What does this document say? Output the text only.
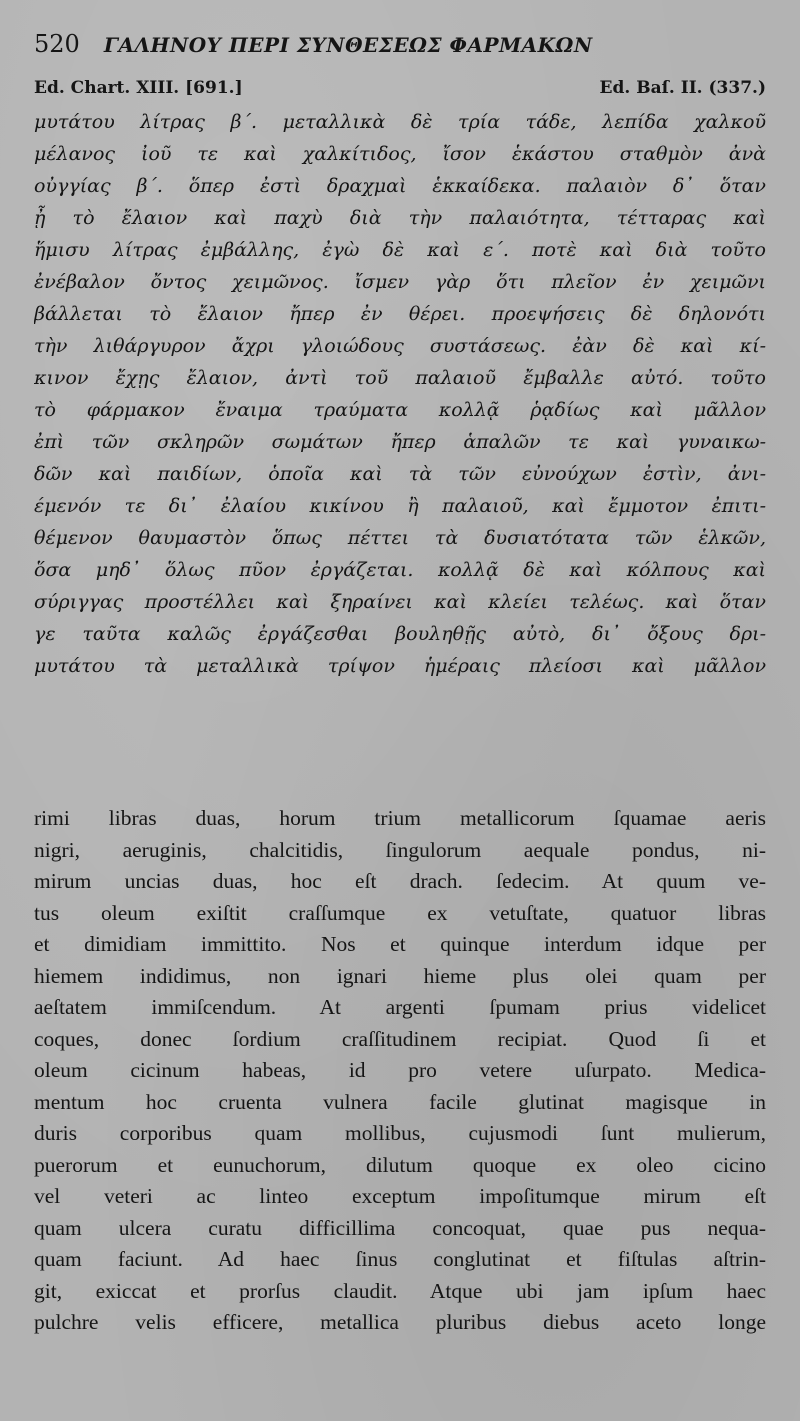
520 ΓΑΛΗΝΟΥ ΠΕΡΙ ΣΥΝΘΕΣΕΩΣ ΦΑΡΜΑΚΩΝ
Ed. Chart. XIII. [691.]	Ed. Baſ. II. (337.)
μυτάτου λίτρας β΄. μεταλλικὰ δὲ τρία τάδε, λεπίδα χαλκοῦ
μέλανος ἰοῦ τε καὶ χαλκίτιδος, ἴσον ἑκάστου σταθμὸν ἀνὰ
οὐγγίας β΄. ὅπερ ἐστὶ δραχμαὶ ἑκκαίδεκα. παλαιὸν δ᾽ ὅταν
ᾖ τὸ ἔλαιον καὶ παχὺ διὰ τὴν παλαιότητα, τέτταρας καὶ
ἥμισυ λίτρας ἐμβάλλης, ἐγὼ δὲ καὶ ε΄. ποτὲ καὶ διὰ τοῦτο
ἐνέβαλον ὄντος χειμῶνος. ἴσμεν γὰρ ὅτι πλεῖον ἐν χειμῶνι
βάλλεται τὸ ἔλαιον ἤπερ ἐν θέρει. προεψήσεις δὲ δηλονότι
τὴν λιθάργυρον ἄχρι γλοιώδους συστάσεως. ἐὰν δὲ καὶ κί-
κινον ἔχῃς ἔλαιον, ἀντὶ τοῦ παλαιοῦ ἔμβαλλε αὐτό. τοῦτο
τὸ φάρμακον ἔναιμα τραύματα κολλᾷ ῥᾳδίως καὶ μᾶλλον
ἐπὶ τῶν σκληρῶν σωμάτων ἤπερ ἁπαλῶν τε καὶ γυναικω-
δῶν καὶ παιδίων, ὁποῖα καὶ τὰ τῶν εὐνούχων ἐστὶν, ἀνι-
έμενόν τε δι᾽ ἐλαίου κικίνου ἢ παλαιοῦ, καὶ ἔμμοτον ἐπιτι-
θέμενον θαυμαστὸν ὅπως πέττει τὰ δυσιατότατα τῶν ἑλκῶν,
ὅσα μηδ᾽ ὅλως πῦον ἐργάζεται. κολλᾷ δὲ καὶ κόλπους καὶ
σύριγγας προστέλλει καὶ ξηραίνει καὶ κλείει τελέως. καὶ ὅταν
γε ταῦτα καλῶς ἐργάζεσθαι βουληθῇς αὐτὸ, δι᾽ ὄξους δρι-
μυτάτου τὰ μεταλλικὰ τρίψον ἡμέραις πλείοσι καὶ μᾶλλον
rimi libras duas, horum trium metallicorum ſquamae aeris
nigri, aeruginis, chalcitidis, ſingulorum aequale pondus, ni-
mirum uncias duas, hoc eſt drach. ſedecim. At quum ve-
tus oleum exiſtit craſſumque ex vetuſtate, quatuor libras
et dimidiam immittito. Nos et quinque interdum idque per
hiemem indidimus, non ignari hieme plus olei quam per
aeſtatem immiſcendum. At argenti ſpumam prius videlicet
coques, donec ſordium craſſitudinem recipiat. Quod ſi et
oleum cicinum habeas, id pro vetere uſurpato. Medica-
mentum hoc cruenta vulnera facile glutinat magisque in
duris corporibus quam mollibus, cujusmodi ſunt mulierum,
puerorum et eunuchorum, dilutum quoque ex oleo cicino
vel veteri ac linteo exceptum impoſitumque mirum eſt
quam ulcera curatu difficillima concoquat, quae pus nequa-
quam faciunt. Ad haec ſinus conglutinat et fiſtulas aſtrin-
git, exiccat et prorſus claudit. Atque ubi jam ipſum haec
pulchre velis efficere, metallica pluribus diebus aceto longe
